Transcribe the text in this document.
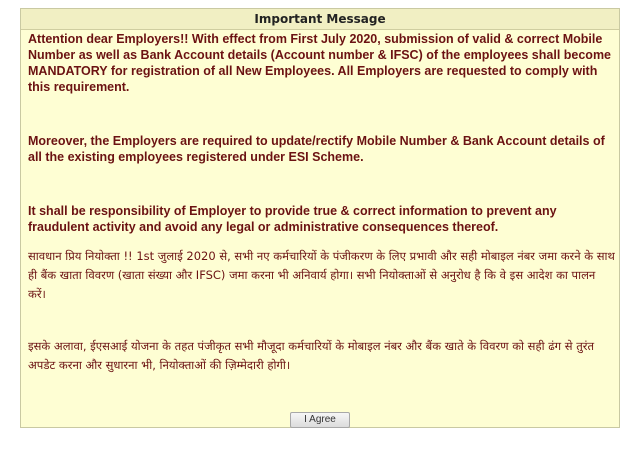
Important Message

Attention dear Employers!! With effect from First July 2020, submission of valid & correct Mobile Number as well as Bank Account details (Account number & IFSC) of the employees shall become MANDATORY for registration of all New Employees. All Employers are requested to comply with this requirement.

Moreover, the Employers are required to update/rectify Mobile Number & Bank Account details of all the existing employees registered under ESI Scheme.

It shall be responsibility of Employer to provide true & correct information to prevent any fraudulent activity and avoid any legal or administrative consequences thereof.

सावधान प्रिय नियोक्ता !! 1st जुलाई 2020 से, सभी नए कर्मचारियों के पंजीकरण के लिए प्रभावी और सही मोबाइल नंबर जमा करने के साथ ही बैंक खाता विवरण (खाता संख्या और IFSC) जमा करना भी अनिवार्य होगा। सभी नियोक्ताओं से अनुरोध है कि वे इस आदेश का पालन करें।

इसके अलावा, ईएसआई योजना के तहत पंजीकृत सभी मौजूदा कर्मचारियों के मोबाइल नंबर और बैंक खाते के विवरण को सही ढंग से तुरंत अपडेट करना और सुधारना भी, नियोक्ताओं की ज़िम्मेदारी होगी।

I Agree
